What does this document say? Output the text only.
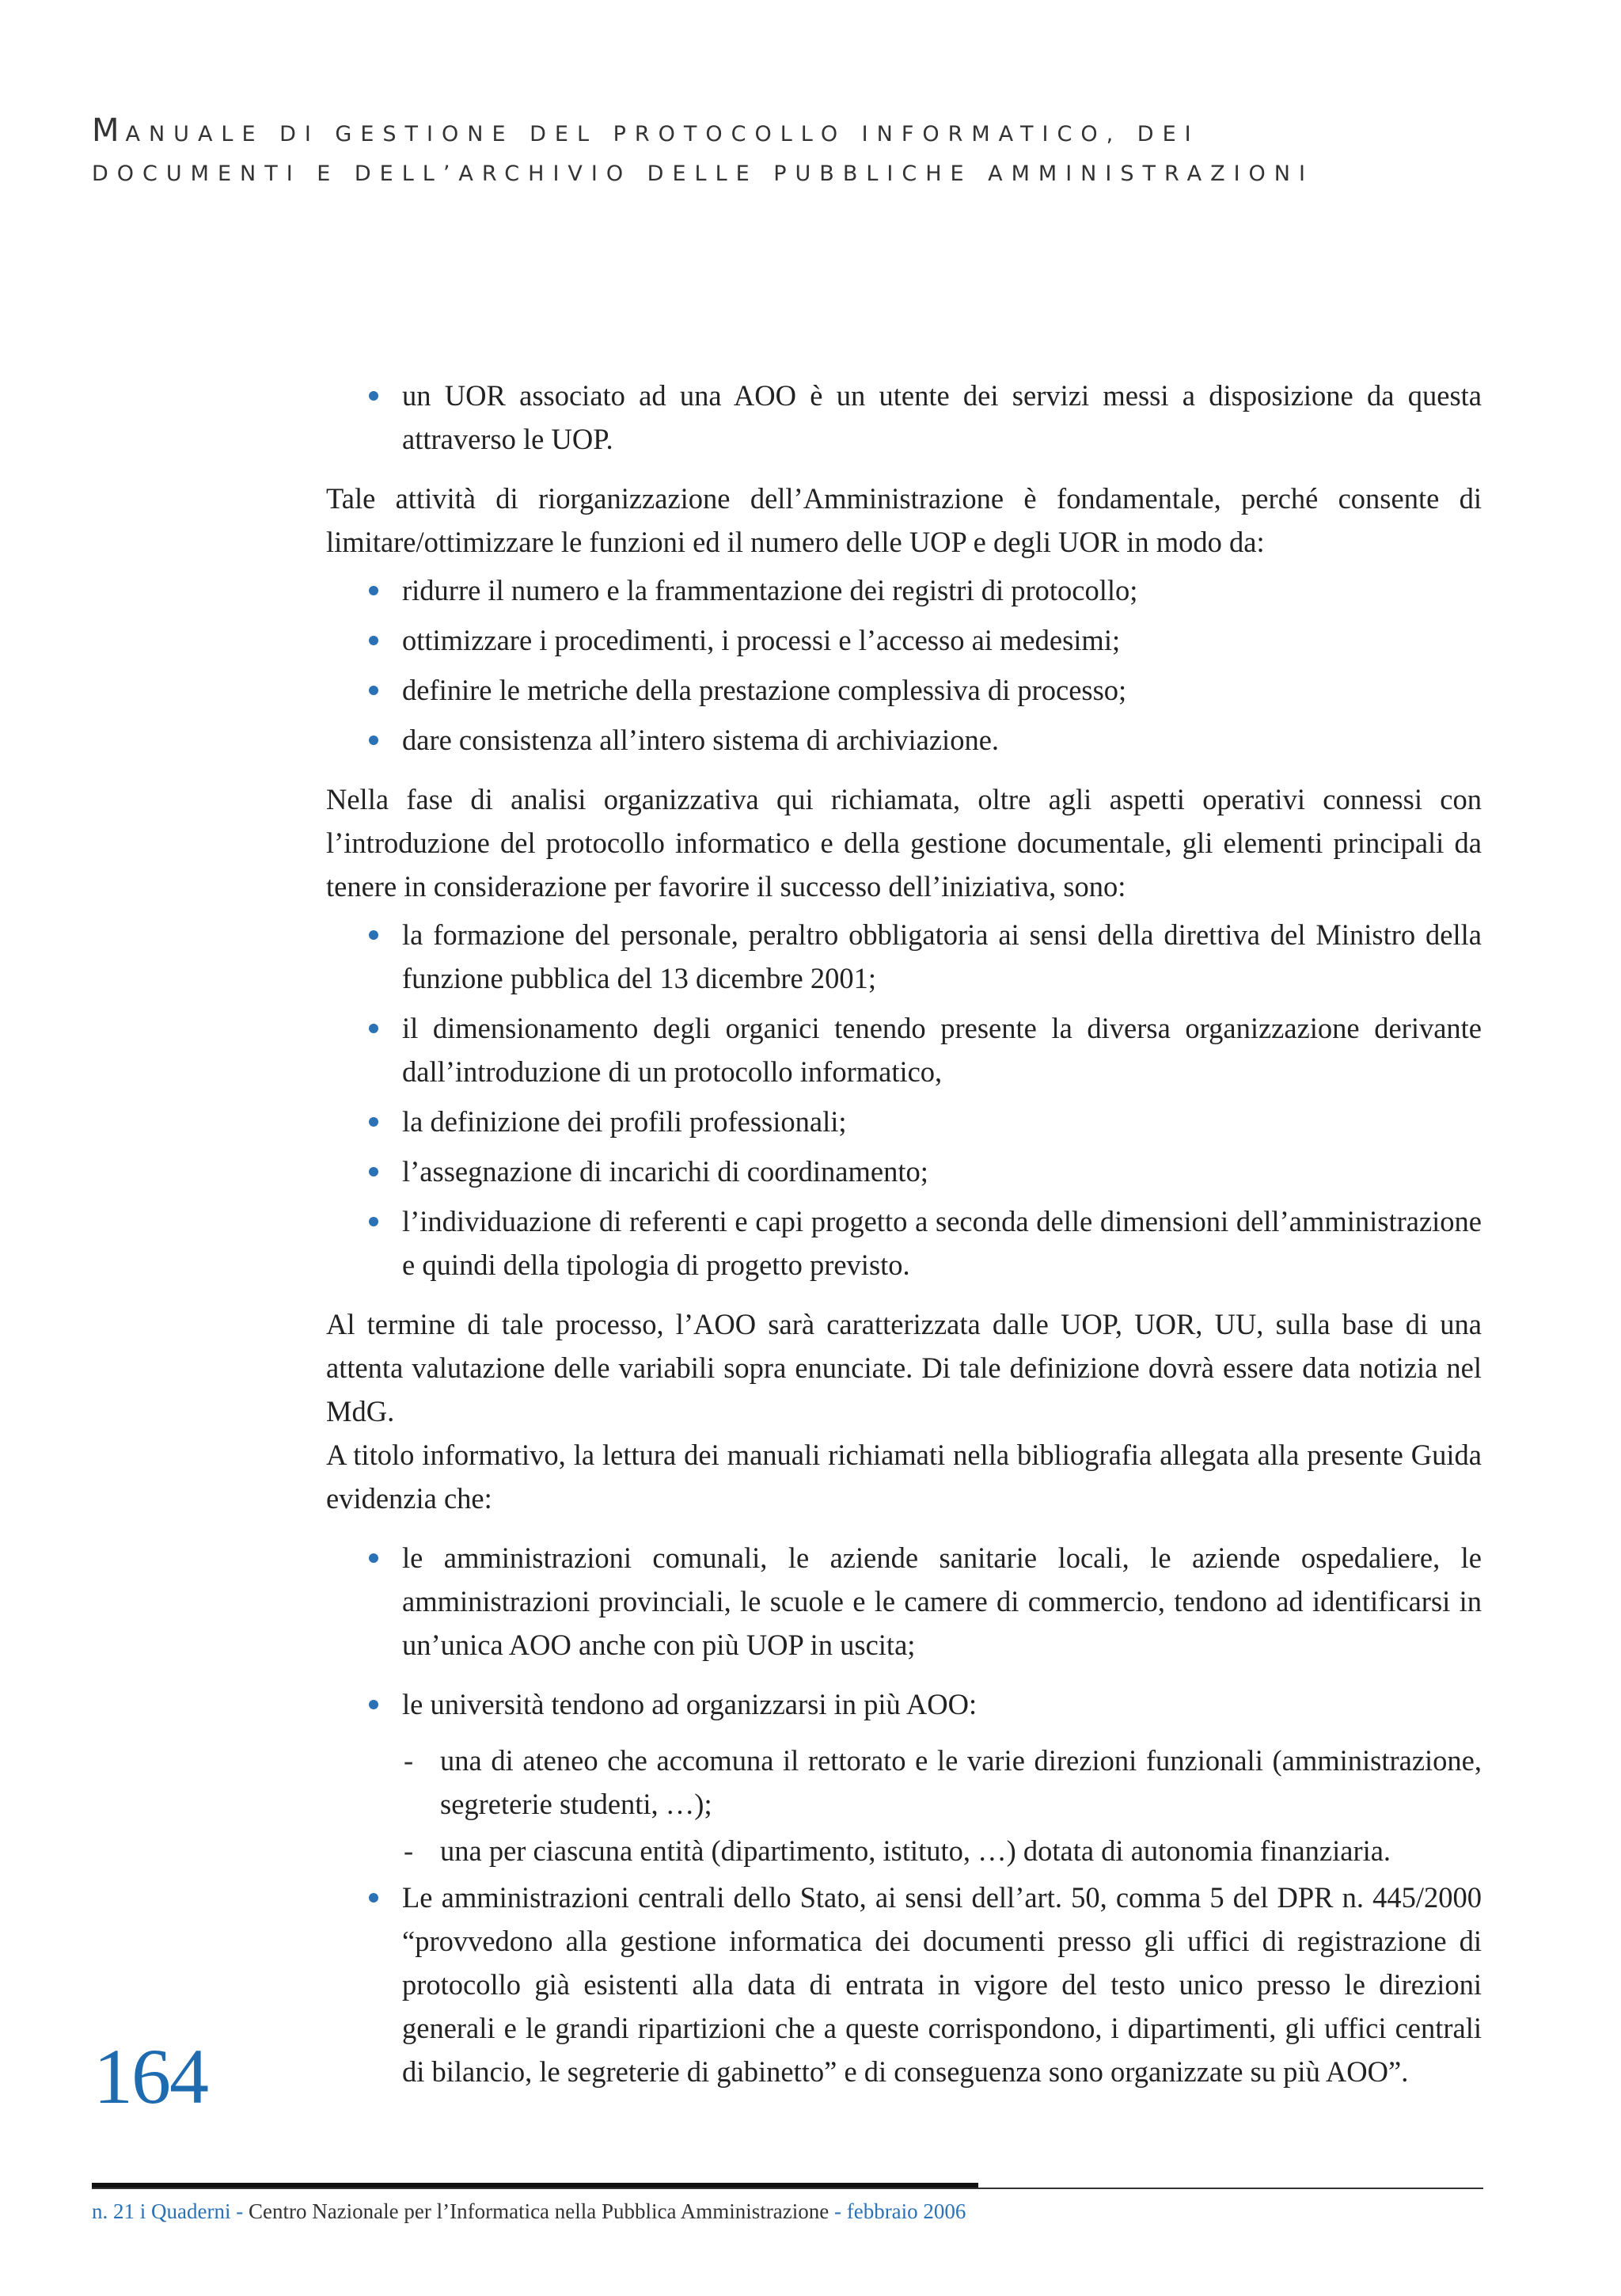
MANUALE DI GESTIONE DEL PROTOCOLLO INFORMATICO, DEI
DOCUMENTI E DELL’ARCHIVIO DELLE PUBBLICHE AMMINISTRAZIONI
un UOR associato ad una AOO è un utente dei servizi messi a disposizione da questa attraverso le UOP.

Tale attività di riorganizzazione dell’Amministrazione è fondamentale, perché consente di limitare/ottimizzare le funzioni ed il numero delle UOP e degli UOR in modo da:

ridurre il numero e la frammentazione dei registri di protocollo;
ottimizzare i procedimenti, i processi e l’accesso ai medesimi;
definire le metriche della prestazione complessiva di processo;
dare consistenza all’intero sistema di archiviazione.

Nella fase di analisi organizzativa qui richiamata, oltre agli aspetti operativi connessi con l’introduzione del protocollo informatico e della gestione documentale, gli elementi principali da tenere in considerazione per favorire il successo dell’iniziativa, sono:

la formazione del personale, peraltro obbligatoria ai sensi della direttiva del Ministro della funzione pubblica del 13 dicembre 2001;
il dimensionamento degli organici tenendo presente la diversa organizzazione derivante dall’introduzione di un protocollo informatico,
la definizione dei profili professionali;
l’assegnazione di incarichi di coordinamento;
l’individuazione di referenti e capi progetto a seconda delle dimensioni dell’amministrazione e quindi della tipologia di progetto previsto.

Al termine di tale processo, l’AOO sarà caratterizzata dalle UOP, UOR, UU, sulla base di una attenta valutazione delle variabili sopra enunciate. Di tale definizione dovrà essere data notizia nel MdG.

A titolo informativo, la lettura dei manuali richiamati nella bibliografia allegata alla presente Guida evidenzia che:

le amministrazioni comunali, le aziende sanitarie locali, le aziende ospedaliere, le amministrazioni provinciali, le scuole e le camere di commercio, tendono ad identificarsi in un’unica AOO anche con più UOP in uscita;
le università tendono ad organizzarsi in più AOO:
- una di ateneo che accomuna il rettorato e le varie direzioni funzionali (amministrazione, segreterie studenti, …);
- una per ciascuna entità (dipartimento, istituto, …) dotata di autonomia finanziaria.
Le amministrazioni centrali dello Stato, ai sensi dell’art. 50, comma 5 del DPR n. 445/2000 “provvedono alla gestione informatica dei documenti presso gli uffici di registrazione di protocollo già esistenti alla data di entrata in vigore del testo unico presso le direzioni generali e le grandi ripartizioni che a queste corrispondono, i dipartimenti, gli uffici centrali di bilancio, le segreterie di gabinetto” e di conseguenza sono organizzate su più AOO”.
164
n. 21 i Quaderni - Centro Nazionale per l’Informatica nella Pubblica Amministrazione - febbraio 2006
